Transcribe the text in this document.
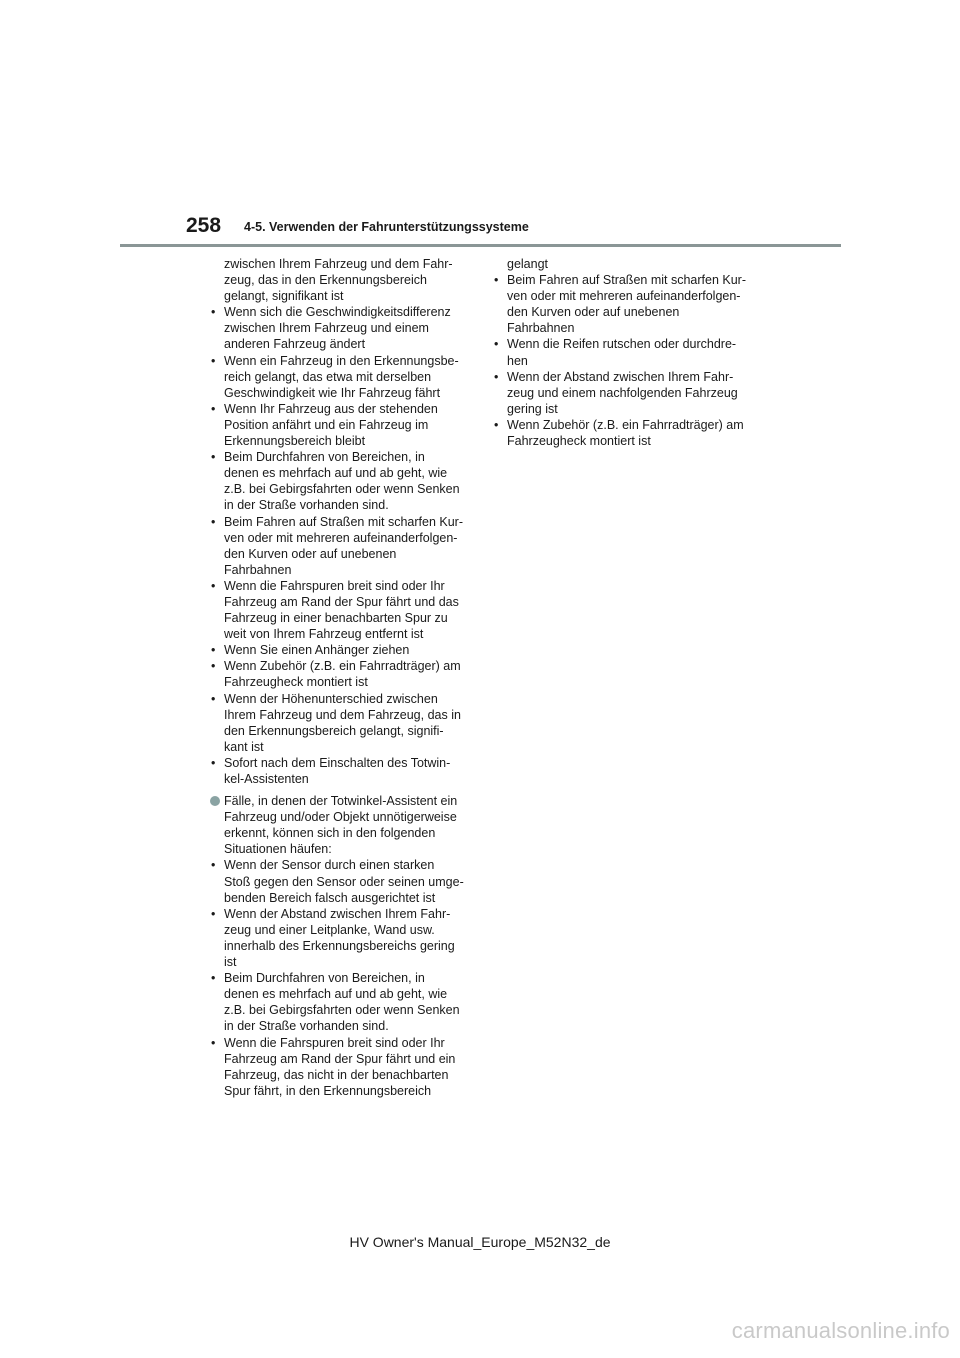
258 4-5. Verwenden der Fahrunterstützungssysteme

zwischen Ihrem Fahrzeug und dem Fahr-
zeug, das in den Erkennungsbereich
gelangt, signifikant ist

• Wenn sich die Geschwindigkeitsdifferenz
zwischen Ihrem Fahrzeug und einem
anderen Fahrzeug ändert
• Wenn ein Fahrzeug in den Erkennungsbe-
reich gelangt, das etwa mit derselben
Geschwindigkeit wie Ihr Fahrzeug fährt
• Wenn Ihr Fahrzeug aus der stehenden
Position anfährt und ein Fahrzeug im
Erkennungsbereich bleibt
• Beim Durchfahren von Bereichen, in
denen es mehrfach auf und ab geht, wie
z.B. bei Gebirgsfahrten oder wenn Senken
in der Straße vorhanden sind.
• Beim Fahren auf Straßen mit scharfen Kur-
ven oder mit mehreren aufeinanderfolgen-
den Kurven oder auf unebenen
Fahrbahnen
• Wenn die Fahrspuren breit sind oder Ihr
Fahrzeug am Rand der Spur fährt und das
Fahrzeug in einer benachbarten Spur zu
weit von Ihrem Fahrzeug entfernt ist
• Wenn Sie einen Anhänger ziehen
• Wenn Zubehör (z.B. ein Fahrradträger) am
Fahrzeugheck montiert ist
• Wenn der Höhenunterschied zwischen
Ihrem Fahrzeug und dem Fahrzeug, das in
den Erkennungsbereich gelangt, signifi-
kant ist
• Sofort nach dem Einschalten des Totwin-
kel-Assistenten

Fälle, in denen der Totwinkel-Assistent ein
Fahrzeug und/oder Objekt unnötigerweise
erkennt, können sich in den folgenden
Situationen häufen:

• Wenn der Sensor durch einen starken
Stoß gegen den Sensor oder seinen umge-
benden Bereich falsch ausgerichtet ist
• Wenn der Abstand zwischen Ihrem Fahr-
zeug und einer Leitplanke, Wand usw.
innerhalb des Erkennungsbereichs gering
ist
• Beim Durchfahren von Bereichen, in
denen es mehrfach auf und ab geht, wie
z.B. bei Gebirgsfahrten oder wenn Senken
in der Straße vorhanden sind.
• Wenn die Fahrspuren breit sind oder Ihr
Fahrzeug am Rand der Spur fährt und ein
Fahrzeug, das nicht in der benachbarten
Spur fährt, in den Erkennungsbereich

gelangt

• Beim Fahren auf Straßen mit scharfen Kur-
ven oder mit mehreren aufeinanderfolgen-
den Kurven oder auf unebenen
Fahrbahnen
• Wenn die Reifen rutschen oder durchdre-
hen
• Wenn der Abstand zwischen Ihrem Fahr-
zeug und einem nachfolgenden Fahrzeug
gering ist
• Wenn Zubehör (z.B. ein Fahrradträger) am
Fahrzeugheck montiert ist
HV Owner's Manual_Europe_M52N32_de
carmanualsonline.info
